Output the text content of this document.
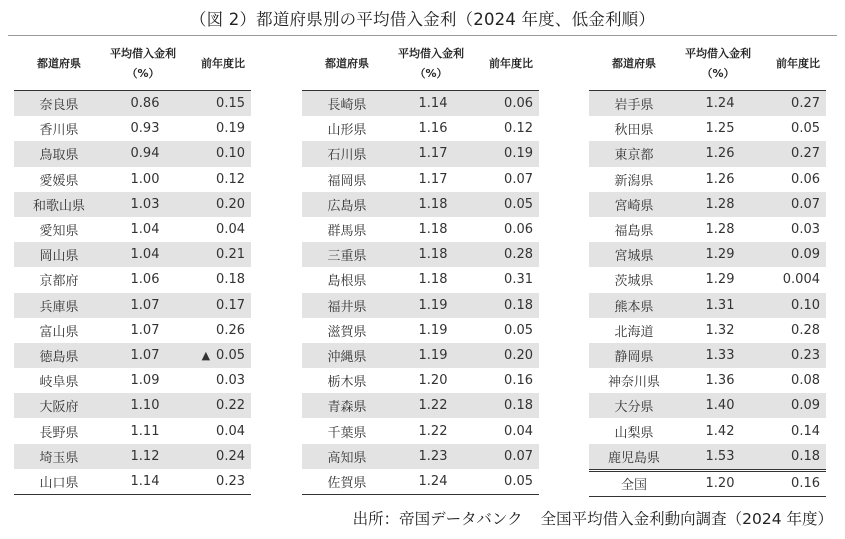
（図 2）都道府県別の平均借入金利（2024 年度、低金利順）
都道府県	平均借入金利
（%）	前年度比
奈良県	0.86	0.15
香川県	0.93	0.19
鳥取県	0.94	0.10
愛媛県	1.00	0.12
和歌山県	1.03	0.20
愛知県	1.04	0.04
岡山県	1.04	0.21
京都府	1.06	0.18
兵庫県	1.07	0.17
富山県	1.07	0.26
徳島県	1.07	▲ 0.05
岐阜県	1.09	0.03
大阪府	1.10	0.22
長野県	1.11	0.04
埼玉県	1.12	0.24
山口県	1.14	0.23
都道府県	平均借入金利
（%）	前年度比
長崎県	1.14	0.06
山形県	1.16	0.12
石川県	1.17	0.19
福岡県	1.17	0.07
広島県	1.18	0.05
群馬県	1.18	0.06
三重県	1.18	0.28
島根県	1.18	0.31
福井県	1.19	0.18
滋賀県	1.19	0.05
沖縄県	1.19	0.20
栃木県	1.20	0.16
青森県	1.22	0.18
千葉県	1.22	0.04
高知県	1.23	0.07
佐賀県	1.24	0.05
都道府県	平均借入金利
（%）	前年度比
岩手県	1.24	0.27
秋田県	1.25	0.05
東京都	1.26	0.27
新潟県	1.26	0.06
宮崎県	1.28	0.07
福島県	1.28	0.03
宮城県	1.29	0.09
茨城県	1.29	0.004
熊本県	1.31	0.10
北海道	1.32	0.28
静岡県	1.33	0.23
神奈川県	1.36	0.08
大分県	1.40	0.09
山梨県	1.42	0.14
鹿児島県	1.53	0.18
全国	1.20	0.16
出所：帝国データバンク 全国平均借入金利動向調査（2024 年度）
